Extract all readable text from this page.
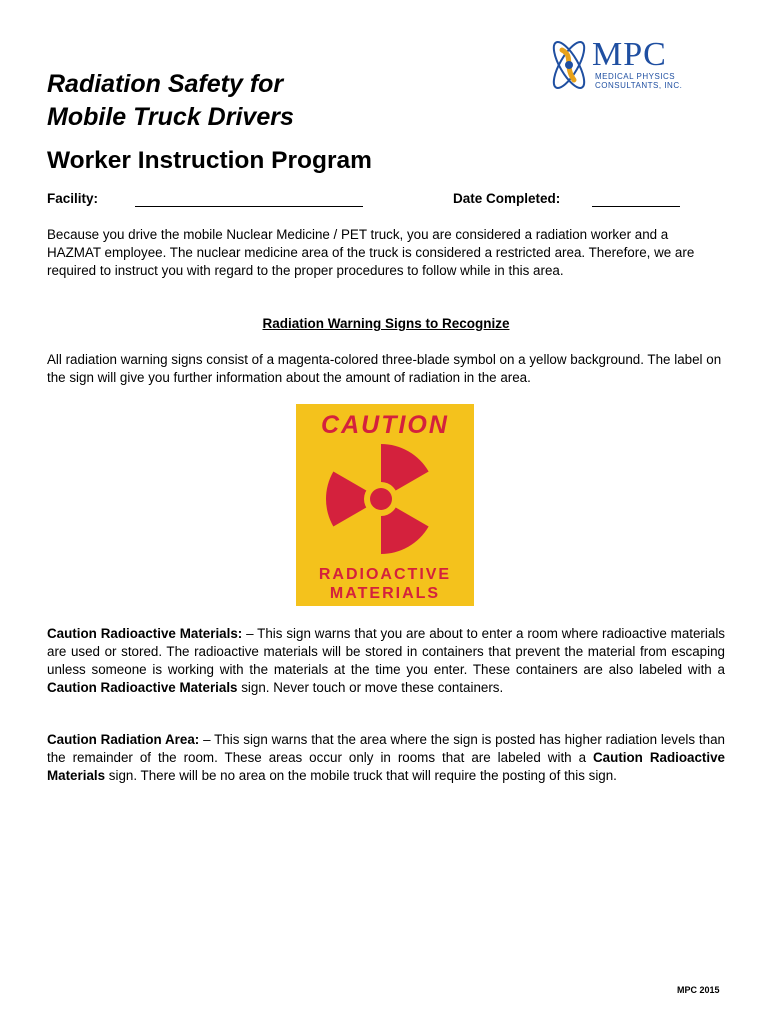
MPC
MEDICAL PHYSICS
CONSULTANTS, INC.
Radiation Safety for
Mobile Truck Drivers
Worker Instruction Program
Facility:	Date Completed:

Because you drive the mobile Nuclear Medicine / PET truck, you are considered a radiation worker and a HAZMAT employee. The nuclear medicine area of the truck is considered a restricted area. Therefore, we are required to instruct you with regard to the proper procedures to follow while in this area.

Radiation Warning Signs to Recognize

All radiation warning signs consist of a magenta-colored three-blade symbol on a yellow background. The label on the sign will give you further information about the amount of radiation in the area.

CAUTION
RADIOACTIVE
MATERIALS

Caution Radioactive Materials: – This sign warns that you are about to enter a room where radioactive materials are used or stored. The radioactive materials will be stored in containers that prevent the material from escaping unless someone is working with the materials at the time you enter. These containers are also labeled with a Caution Radioactive Materials sign. Never touch or move these containers.

Caution Radiation Area: – This sign warns that the area where the sign is posted has higher radiation levels than the remainder of the room. These areas occur only in rooms that are labeled with a Caution Radioactive Materials sign. There will be no area on the mobile truck that will require the posting of this sign.

MPC 2015
